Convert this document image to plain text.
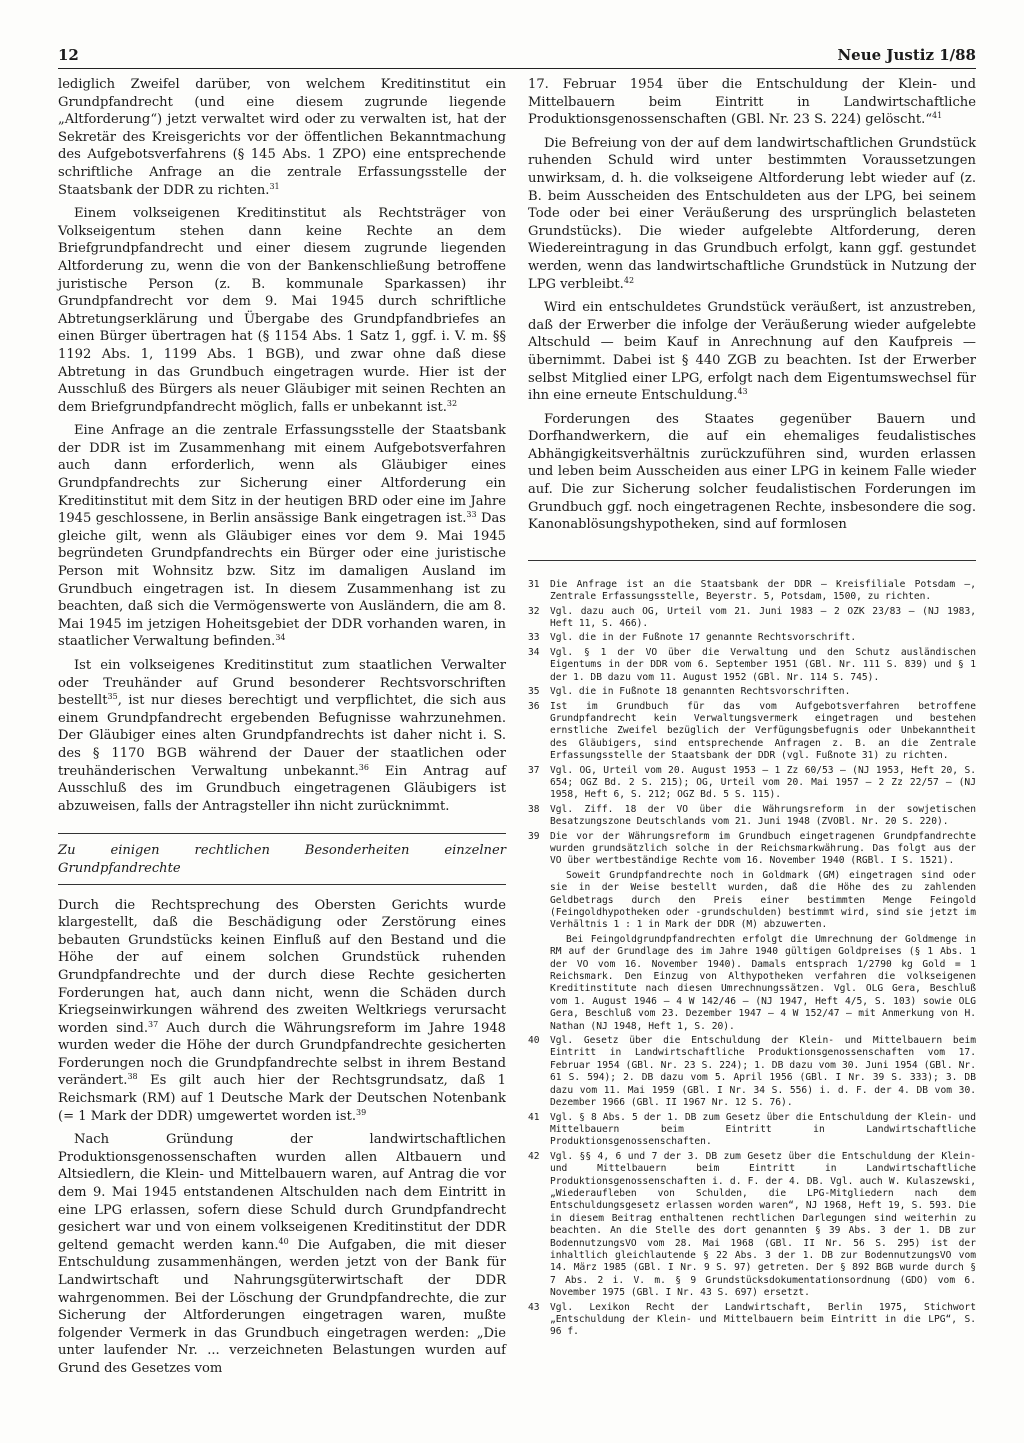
12	Neue Justiz 1/88

lediglich Zweifel darüber, von welchem Kreditinstitut ein Grundpfandrecht (und eine diesem zugrunde liegende „Altforderung“) jetzt verwaltet wird oder zu verwalten ist, hat der Sekretär des Kreisgerichts vor der öffentlichen Bekanntmachung des Aufgebotsverfahrens (§ 145 Abs. 1 ZPO) eine entsprechende schriftliche Anfrage an die zentrale Erfassungsstelle der Staatsbank der DDR zu richten.$^{31}$

Einem volkseigenen Kreditinstitut als Rechtsträger von Volkseigentum stehen dann keine Rechte an dem Briefgrundpfandrecht und einer diesem zugrunde liegenden Altforderung zu, wenn die von der Bankenschließung betroffene juristische Person (z. B. kommunale Sparkassen) ihr Grundpfandrecht vor dem 9. Mai 1945 durch schriftliche Abtretungserklärung und Übergabe des Grundpfandbriefes an einen Bürger übertragen hat (§ 1154 Abs. 1 Satz 1, ggf. i. V. m. §§ 1192 Abs. 1, 1199 Abs. 1 BGB), und zwar ohne daß diese Abtretung in das Grundbuch eingetragen wurde. Hier ist der Ausschluß des Bürgers als neuer Gläubiger mit seinen Rechten an dem Briefgrundpfandrecht möglich, falls er unbekannt ist.$^{32}$

Eine Anfrage an die zentrale Erfassungsstelle der Staatsbank der DDR ist im Zusammenhang mit einem Aufgebotsverfahren auch dann erforderlich, wenn als Gläubiger eines Grundpfandrechts zur Sicherung einer Altforderung ein Kreditinstitut mit dem Sitz in der heutigen BRD oder eine im Jahre 1945 geschlossene, in Berlin ansässige Bank eingetragen ist.$^{33}$ Das gleiche gilt, wenn als Gläubiger eines vor dem 9. Mai 1945 begründeten Grundpfandrechts ein Bürger oder eine juristische Person mit Wohnsitz bzw. Sitz im damaligen Ausland im Grundbuch eingetragen ist. In diesem Zusammenhang ist zu beachten, daß sich die Vermögenswerte von Ausländern, die am 8. Mai 1945 im jetzigen Hoheitsgebiet der DDR vorhanden waren, in staatlicher Verwaltung befinden.$^{34}$

Ist ein volkseigenes Kreditinstitut zum staatlichen Verwalter oder Treuhänder auf Grund besonderer Rechtsvorschriften bestellt$^{35}$, ist nur dieses berechtigt und verpflichtet, die sich aus einem Grundpfandrecht ergebenden Befugnisse wahrzunehmen. Der Gläubiger eines alten Grundpfandrechts ist daher nicht i. S. des § 1170 BGB während der Dauer der staatlichen oder treuhänderischen Verwaltung unbekannt.$^{36}$ Ein Antrag auf Ausschluß des im Grundbuch eingetragenen Gläubigers ist abzuweisen, falls der Antragsteller ihn nicht zurücknimmt.

Zu einigen rechtlichen Besonderheiten einzelner Grundpfandrechte

Durch die Rechtsprechung des Obersten Gerichts wurde klargestellt, daß die Beschädigung oder Zerstörung eines bebauten Grundstücks keinen Einfluß auf den Bestand und die Höhe der auf einem solchen Grundstück ruhenden Grundpfandrechte und der durch diese Rechte gesicherten Forderungen hat, auch dann nicht, wenn die Schäden durch Kriegseinwirkungen während des zweiten Weltkriegs verursacht worden sind.$^{37}$ Auch durch die Währungsreform im Jahre 1948 wurden weder die Höhe der durch Grundpfandrechte gesicherten Forderungen noch die Grundpfandrechte selbst in ihrem Bestand verändert.$^{38}$ Es gilt auch hier der Rechtsgrundsatz, daß 1 Reichsmark (RM) auf 1 Deutsche Mark der Deutschen Notenbank (= 1 Mark der DDR) umgewertet worden ist.$^{39}$

Nach Gründung der landwirtschaftlichen Produktionsgenossenschaften wurden allen Altbauern und Altsiedlern, die Klein- und Mittelbauern waren, auf Antrag die vor dem 9. Mai 1945 entstandenen Altschulden nach dem Eintritt in eine LPG erlassen, sofern diese Schuld durch Grundpfandrecht gesichert war und von einem volkseigenen Kreditinstitut der DDR geltend gemacht werden kann.$^{40}$ Die Aufgaben, die mit dieser Entschuldung zusammenhängen, werden jetzt von der Bank für Landwirtschaft und Nahrungsgüterwirtschaft der DDR wahrgenommen. Bei der Löschung der Grundpfandrechte, die zur Sicherung der Altforderungen eingetragen waren, mußte folgender Vermerk in das Grundbuch eingetragen werden: „Die unter laufender Nr. ... verzeichneten Belastungen wurden auf Grund des Gesetzes vom

17. Februar 1954 über die Entschuldung der Klein- und Mittelbauern beim Eintritt in Landwirtschaftliche Produktionsgenossenschaften (GBl. Nr. 23 S. 224) gelöscht.“$^{41}$

Die Befreiung von der auf dem landwirtschaftlichen Grundstück ruhenden Schuld wird unter bestimmten Voraussetzungen unwirksam, d. h. die volkseigene Altforderung lebt wieder auf (z. B. beim Ausscheiden des Entschuldeten aus der LPG, bei seinem Tode oder bei einer Veräußerung des ursprünglich belasteten Grundstücks). Die wieder aufgelebte Altforderung, deren Wiedereintragung in das Grundbuch erfolgt, kann ggf. gestundet werden, wenn das landwirtschaftliche Grundstück in Nutzung der LPG verbleibt.$^{42}$

Wird ein entschuldetes Grundstück veräußert, ist anzustreben, daß der Erwerber die infolge der Veräußerung wieder aufgelebte Altschuld — beim Kauf in Anrechnung auf den Kaufpreis — übernimmt. Dabei ist § 440 ZGB zu beachten. Ist der Erwerber selbst Mitglied einer LPG, erfolgt nach dem Eigentumswechsel für ihn eine erneute Entschuldung.$^{43}$

Forderungen des Staates gegenüber Bauern und Dorfhandwerkern, die auf ein ehemaliges feudalistisches Abhängigkeitsverhältnis zurückzuführen sind, wurden erlassen und leben beim Ausscheiden aus einer LPG in keinem Falle wieder auf. Die zur Sicherung solcher feudalistischen Forderungen im Grundbuch ggf. noch eingetragenen Rechte, insbesondere die sog. Kanonablösungshypotheken, sind auf formlosen

31	Die Anfrage ist an die Staatsbank der DDR – Kreisfiliale Potsdam –, Zentrale Erfassungsstelle, Beyerstr. 5, Potsdam, 1500, zu richten.
32	Vgl. dazu auch OG, Urteil vom 21. Juni 1983 – 2 OZK 23/83 – (NJ 1983, Heft 11, S. 466).
33	Vgl. die in der Fußnote 17 genannte Rechtsvorschrift.
34	Vgl. § 1 der VO über die Verwaltung und den Schutz ausländischen Eigentums in der DDR vom 6. September 1951 (GBl. Nr. 111 S. 839) und § 1 der 1. DB dazu vom 11. August 1952 (GBl. Nr. 114 S. 745).
35	Vgl. die in Fußnote 18 genannten Rechtsvorschriften.
36	Ist im Grundbuch für das vom Aufgebotsverfahren betroffene Grundpfandrecht kein Verwaltungsvermerk eingetragen und bestehen ernstliche Zweifel bezüglich der Verfügungsbefugnis oder Unbekanntheit des Gläubigers, sind entsprechende Anfragen z. B. an die Zentrale Erfassungsstelle der Staatsbank der DDR (vgl. Fußnote 31) zu richten.
37	Vgl. OG, Urteil vom 20. August 1953 – 1 Zz 60/53 – (NJ 1953, Heft 20, S. 654; OGZ Bd. 2 S. 215); OG, Urteil vom 20. Mai 1957 – 2 Zz 22/57 – (NJ 1958, Heft 6, S. 212; OGZ Bd. 5 S. 115).
38	Vgl. Ziff. 18 der VO über die Währungsreform in der sowjetischen Besatzungszone Deutschlands vom 21. Juni 1948 (ZVOBl. Nr. 20 S. 220).
39	Die vor der Währungsreform im Grundbuch eingetragenen Grundpfandrechte wurden grundsätzlich solche in der Reichsmarkwährung. Das folgt aus der VO über wertbeständige Rechte vom 16. November 1940 (RGBl. I S. 1521).
Soweit Grundpfandrechte noch in Goldmark (GM) eingetragen sind oder sie in der Weise bestellt wurden, daß die Höhe des zu zahlenden Geldbetrags durch den Preis einer bestimmten Menge Feingold (Feingoldhypotheken oder -grundschulden) bestimmt wird, sind sie jetzt im Verhältnis 1 : 1 in Mark der DDR (M) abzuwerten.
Bei Feingoldgrundpfandrechten erfolgt die Umrechnung der Goldmenge in RM auf der Grundlage des im Jahre 1940 gültigen Goldpreises (§ 1 Abs. 1 der VO vom 16. November 1940). Damals entsprach 1/2790 kg Gold = 1 Reichsmark. Den Einzug von Althypotheken verfahren die volkseigenen Kreditinstitute nach diesen Umrechnungssätzen. Vgl. OLG Gera, Beschluß vom 1. August 1946 – 4 W 142/46 – (NJ 1947, Heft 4/5, S. 103) sowie OLG Gera, Beschluß vom 23. Dezember 1947 – 4 W 152/47 – mit Anmerkung von H. Nathan (NJ 1948, Heft 1, S. 20).
40	Vgl. Gesetz über die Entschuldung der Klein- und Mittelbauern beim Eintritt in Landwirtschaftliche Produktionsgenossenschaften vom 17. Februar 1954 (GBl. Nr. 23 S. 224); 1. DB dazu vom 30. Juni 1954 (GBl. Nr. 61 S. 594); 2. DB dazu vom 5. April 1956 (GBl. I Nr. 39 S. 333); 3. DB dazu vom 11. Mai 1959 (GBl. I Nr. 34 S. 556) i. d. F. der 4. DB vom 30. Dezember 1966 (GBl. II 1967 Nr. 12 S. 76).
41	Vgl. § 8 Abs. 5 der 1. DB zum Gesetz über die Entschuldung der Klein- und Mittelbauern beim Eintritt in Landwirtschaftliche Produktionsgenossenschaften.
42	Vgl. §§ 4, 6 und 7 der 3. DB zum Gesetz über die Entschuldung der Klein- und Mittelbauern beim Eintritt in Landwirtschaftliche Produktionsgenossenschaften i. d. F. der 4. DB. Vgl. auch W. Kulaszewski, „Wiederaufleben von Schulden, die LPG-Mitgliedern nach dem Entschuldungsgesetz erlassen worden waren“, NJ 1968, Heft 19, S. 593. Die in diesem Beitrag enthaltenen rechtlichen Darlegungen sind weiterhin zu beachten. An die Stelle des dort genannten § 39 Abs. 3 der 1. DB zur BodennutzungsVO vom 28. Mai 1968 (GBl. II Nr. 56 S. 295) ist der inhaltlich gleichlautende § 22 Abs. 3 der 1. DB zur BodennutzungsVO vom 14. März 1985 (GBl. I Nr. 9 S. 97) getreten. Der § 892 BGB wurde durch § 7 Abs. 2 i. V. m. § 9 Grundstücksdokumentationsordnung (GDO) vom 6. November 1975 (GBl. I Nr. 43 S. 697) ersetzt.
43	Vgl. Lexikon Recht der Landwirtschaft, Berlin 1975, Stichwort „Entschuldung der Klein- und Mittelbauern beim Eintritt in die LPG“, S. 96 f.
